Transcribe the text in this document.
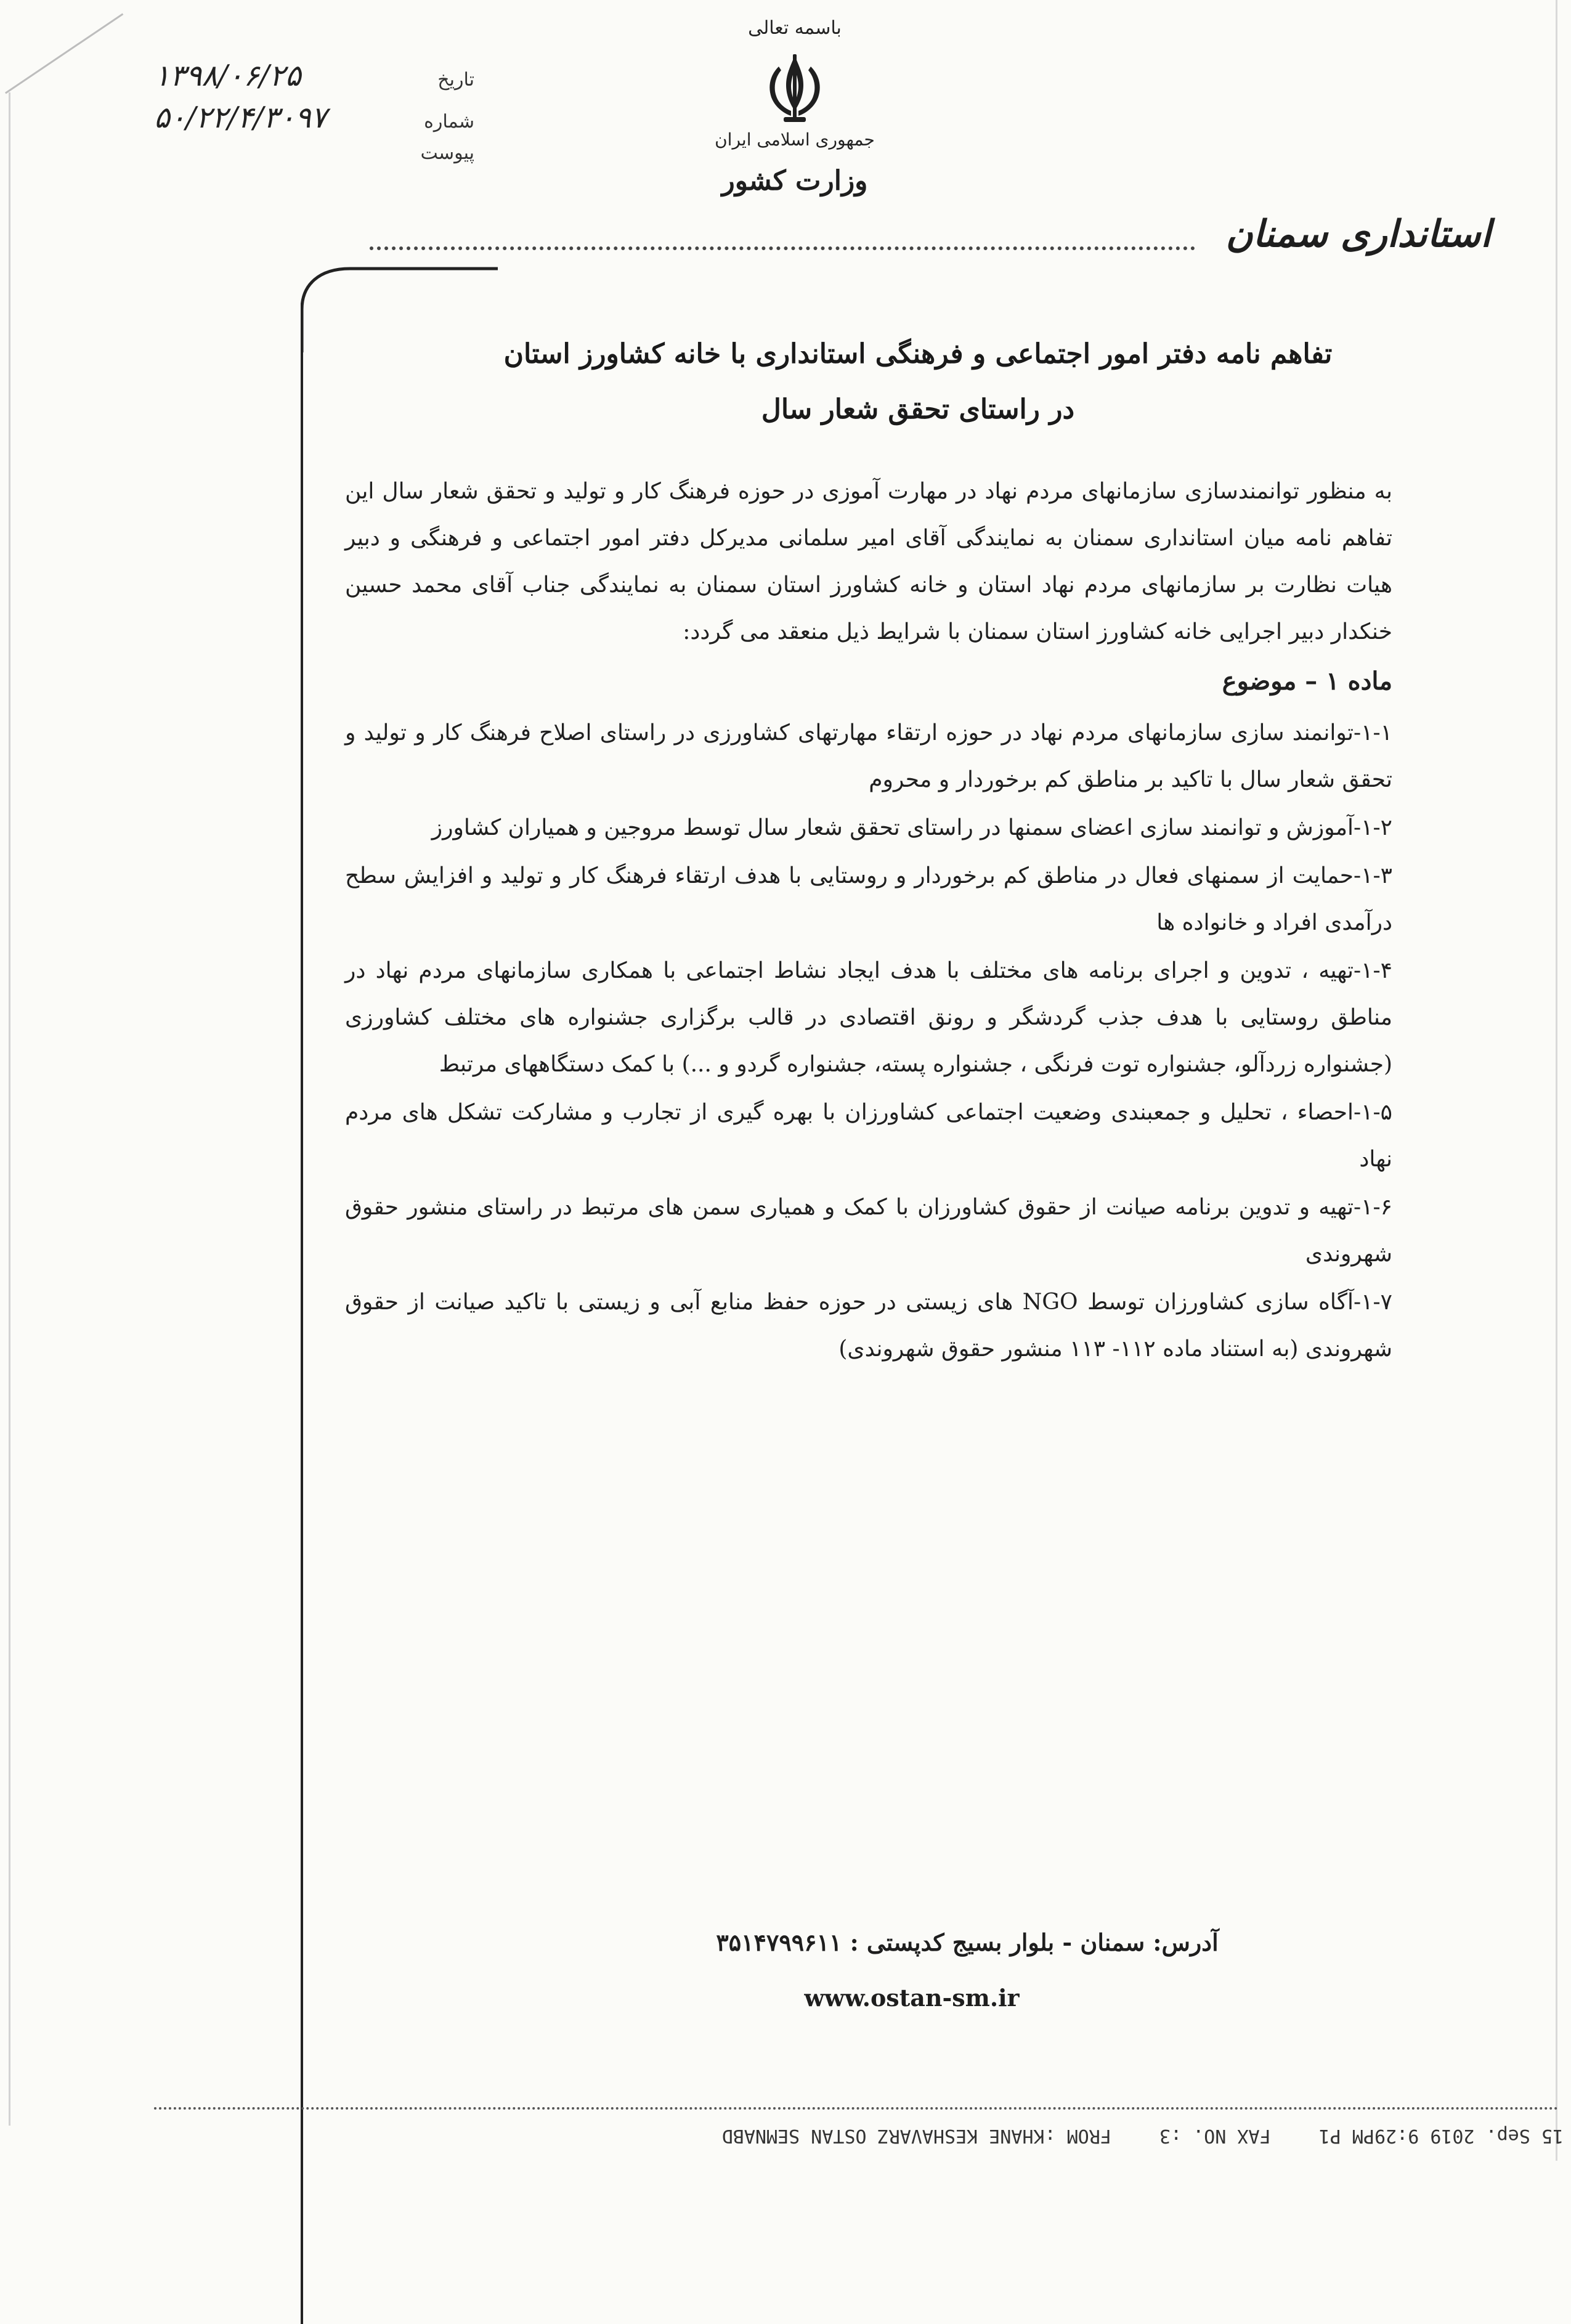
تاریخ
۱۳۹۸/۰۶/۲۵
شماره
۵۰/۲۲/۴/۳۰۹۷
پیوست
باسمه تعالی
جمهوری اسلامی ایران
وزارت کشور
استانداری سمنان
تفاهم نامه دفتر امور اجتماعی و فرهنگی استانداری با خانه کشاورز استان
در راستای تحقق شعار سال

به منظور توانمندسازی سازمانهای مردم نهاد در مهارت آموزی در حوزه فرهنگ کار و تولید و تحقق شعار سال این تفاهم نامه میان استانداری سمنان به نمایندگی آقای امیر سلمانی مدیرکل دفتر امور اجتماعی و فرهنگی و دبیر هیات نظارت بر سازمانهای مردم نهاد استان و خانه کشاورز استان سمنان به نمایندگی جناب آقای محمد حسین خنکدار دبیر اجرایی خانه کشاورز استان سمنان با شرایط ذیل منعقد می گردد:

ماده ۱ – موضوع

۱-۱-توانمند سازی سازمانهای مردم نهاد در حوزه ارتقاء مهارتهای کشاورزی در راستای اصلاح فرهنگ کار و تولید و تحقق شعار سال با تاکید بر مناطق کم برخوردار و محروم

۱-۲-آموزش و توانمند سازی اعضای سمنها در راستای تحقق شعار سال توسط مروجین و همیاران کشاورز

۱-۳-حمایت از سمنهای فعال در مناطق کم برخوردار و روستایی با هدف ارتقاء فرهنگ کار و تولید و افزایش سطح درآمدی افراد و خانواده ها

۱-۴-تهیه ، تدوین و اجرای برنامه های مختلف با هدف ایجاد نشاط اجتماعی با همکاری سازمانهای مردم نهاد در مناطق روستایی با هدف جذب گردشگر و رونق اقتصادی در قالب برگزاری جشنواره های مختلف کشاورزی (جشنواره زردآلو، جشنواره توت فرنگی ، جشنواره پسته، جشنواره گردو و ...) با کمک دستگاههای مرتبط

۱-۵-احصاء ، تحلیل و جمعبندی وضعیت اجتماعی کشاورزان با بهره گیری از تجارب و مشارکت تشکل های مردم نهاد

۱-۶-تهیه و تدوین برنامه صیانت از حقوق کشاورزان با کمک و همیاری سمن های مرتبط در راستای منشور حقوق شهروندی

۱-۷-آگاه سازی کشاورزان توسط NGO های زیستی در حوزه حفظ منابع آبی و زیستی با تاکید صیانت از حقوق شهروندی (به استناد ماده ۱۱۲- ۱۱۳ منشور حقوق شهروندی)

آدرس: سمنان - بلوار بسیج کدپستی : ۳۵۱۴۷۹۹۶۱۱
www.ostan-sm.ir
15 Sep. 2019 9:29PM P1 FAX NO. :3 FROM :KHANE KESHAVARZ OSTAN SEMNABD
